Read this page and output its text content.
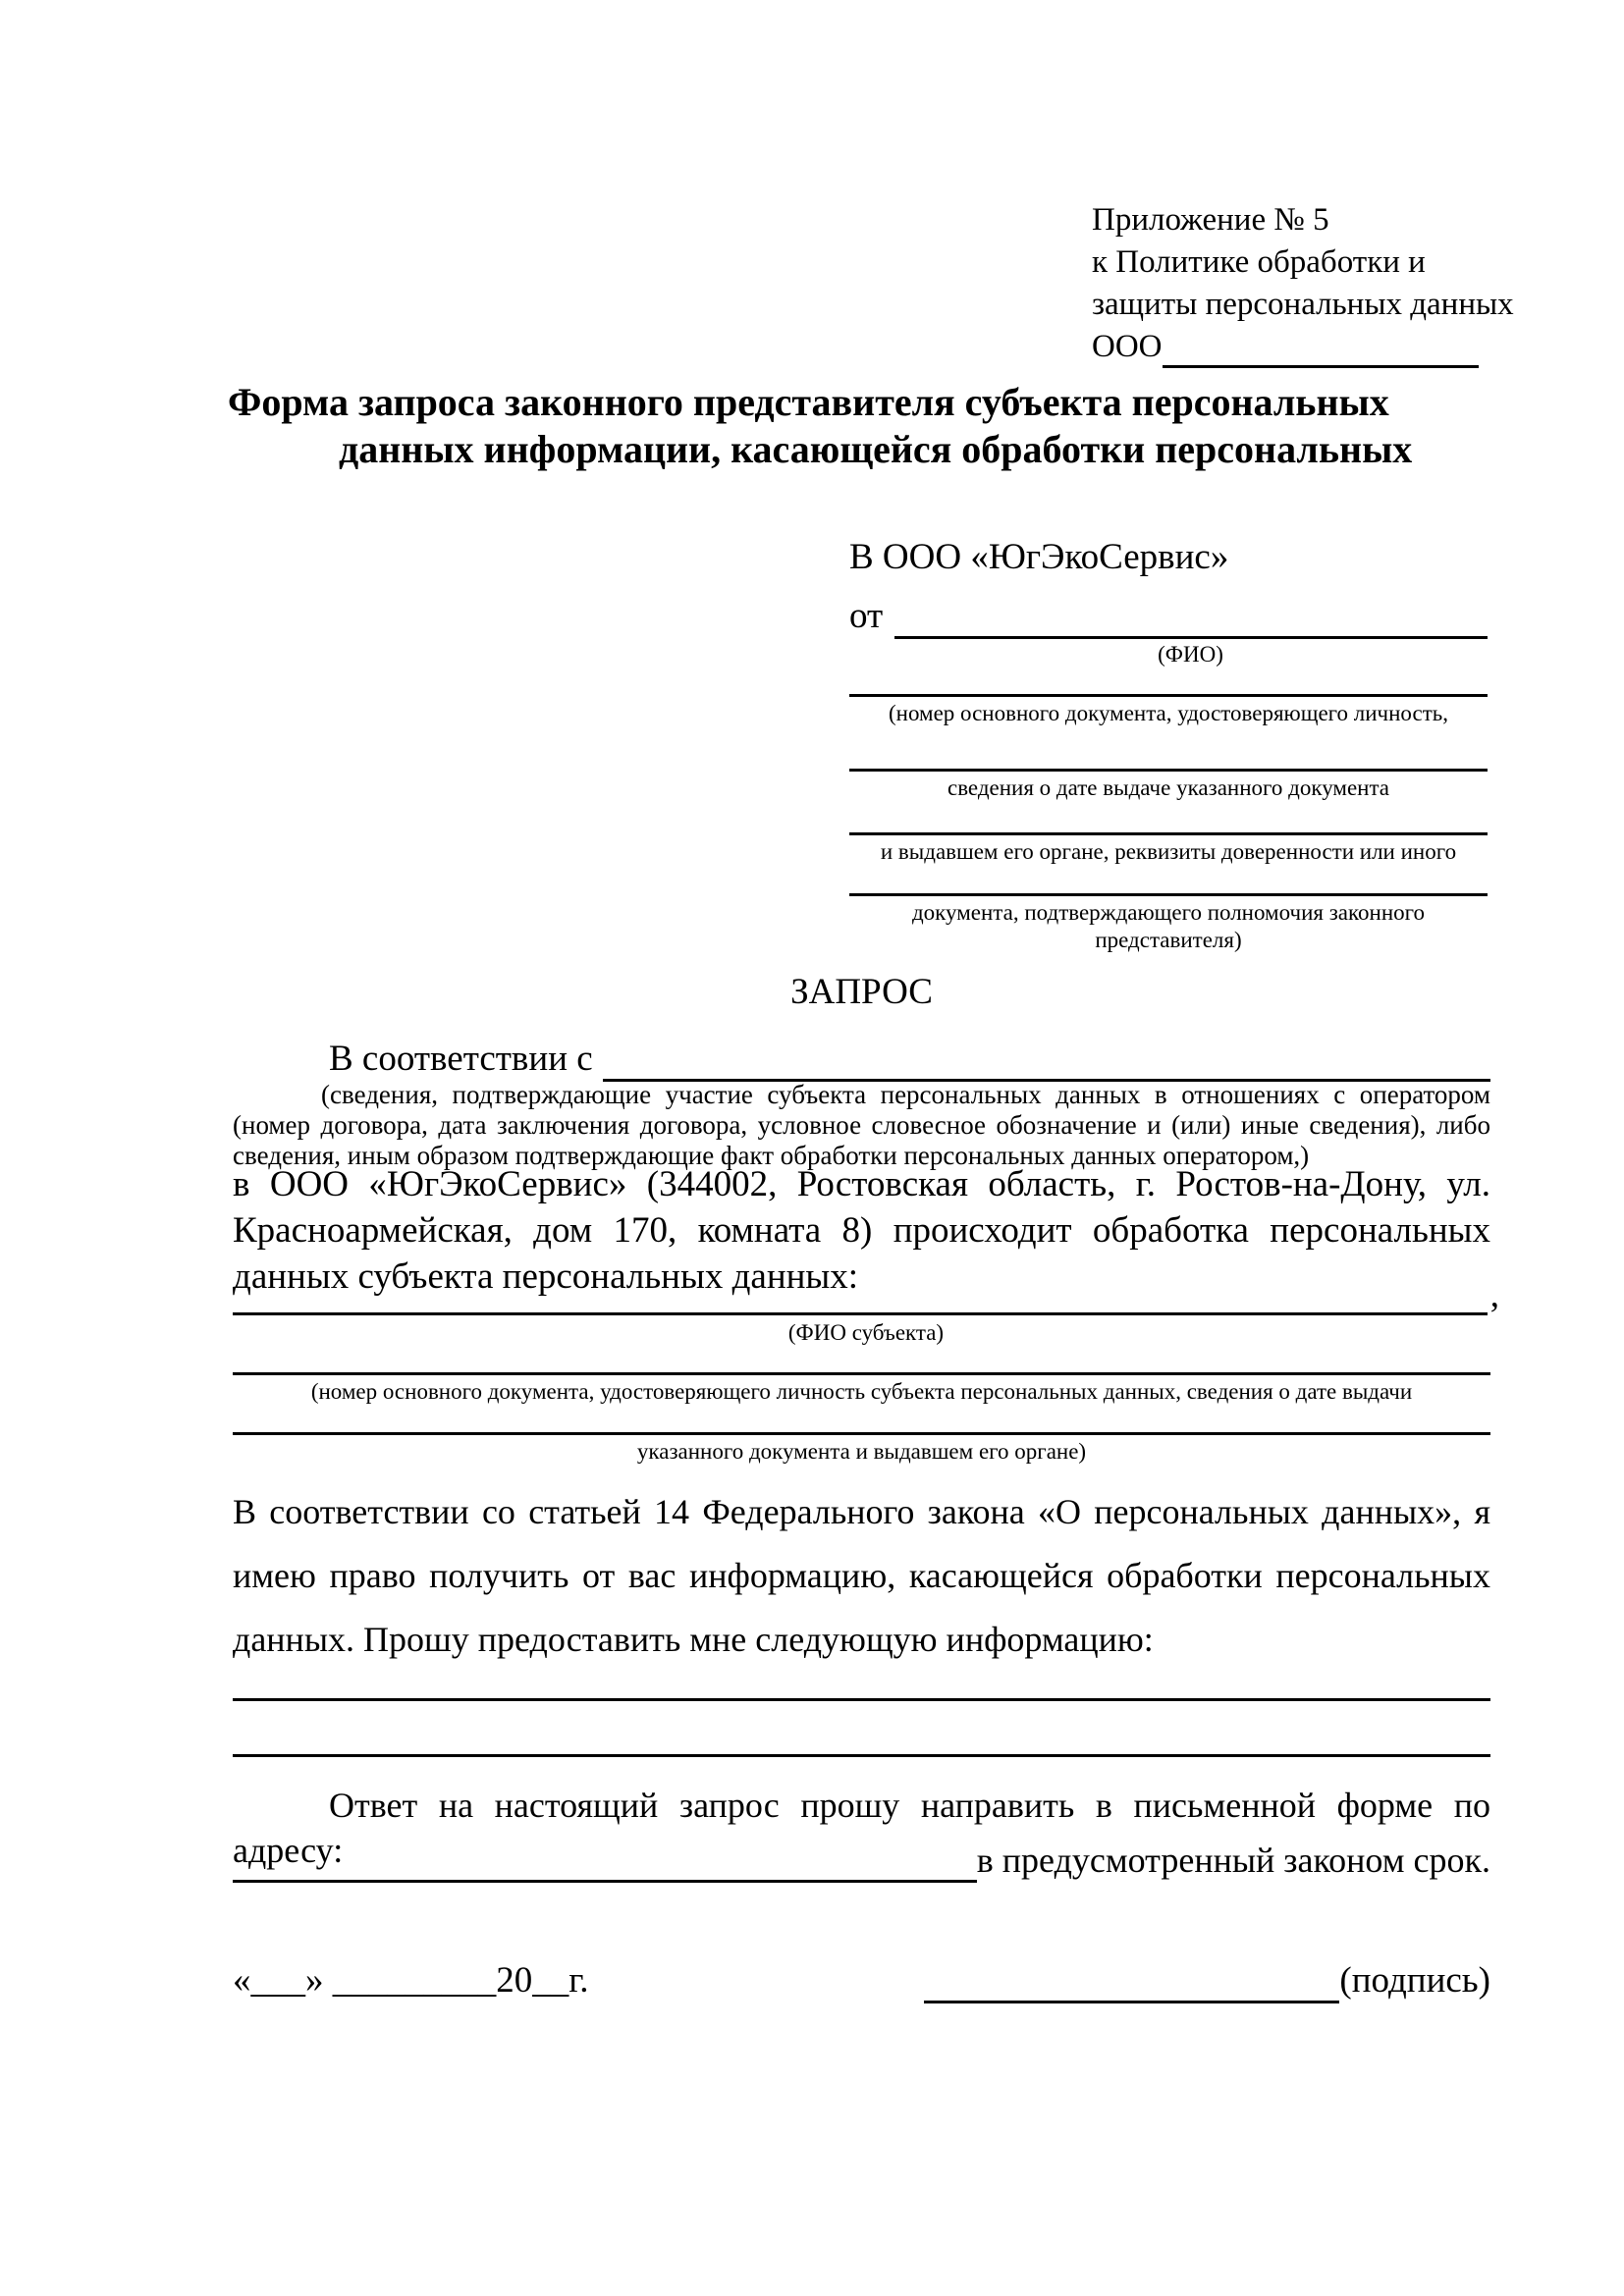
Приложение № 5
к Политике обработки и
защиты персональных данных
ООО
Форма запроса законного представителя субъекта персональных
данных информации, касающейся обработки персональных
В ООО «ЮгЭкоСервис»
от
(ФИО)
(номер основного документа, удостоверяющего личность,
сведения о дате выдаче указанного документа
и выдавшем его органе, реквизиты доверенности или иного
документа, подтверждающего полномочия законного представителя)
ЗАПРОС
В соответствии с
(сведения, подтверждающие участие субъекта персональных данных в отношениях с оператором (номер договора, дата заключения договора, условное словесное обозначение и (или) иные сведения), либо сведения, иным образом подтверждающие факт обработки персональных данных оператором,)
в ООО «ЮгЭкоСервис» (344002, Ростовская область, г. Ростов-на-Дону, ул. Красноармейская, дом 170, комната 8) происходит обработка персональных данных субъекта персональных данных:	,
(ФИО субъекта)
(номер основного документа, удостоверяющего личность субъекта персональных данных, сведения о дате выдачи
указанного документа и выдавшем его органе)
В соответствии со статьей 14 Федерального закона «О персональных данных», я имею право получить от вас информацию, касающейся обработки персональных данных. Прошу предоставить мне следующую информацию:
Ответ на настоящий запрос прошу направить в письменной форме по адресу:	в предусмотренный законом срок.
«___» _________20__г.	(подпись)
